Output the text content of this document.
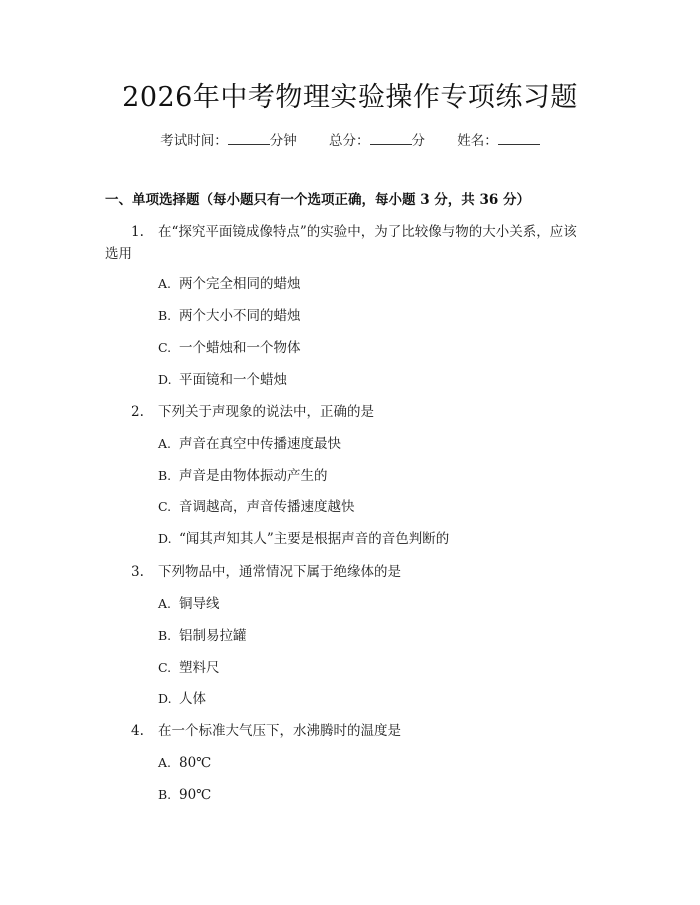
2026年中考物理实验操作专项练习题
考试时间：	分钟 总分：	分 姓名：
一、单项选择题（每小题只有一个选项正确，每小题 3 分，共 36 分）
1. 在“探究平面镜成像特点”的实验中，为了比较像与物的大小关系，应该
选用
A. 两个完全相同的蜡烛
B. 两个大小不同的蜡烛
C. 一个蜡烛和一个物体
D. 平面镜和一个蜡烛
2. 下列关于声现象的说法中，正确的是
A. 声音在真空中传播速度最快
B. 声音是由物体振动产生的
C. 音调越高，声音传播速度越快
D. “闻其声知其人”主要是根据声音的音色判断的
3. 下列物品中，通常情况下属于绝缘体的是
A. 铜导线
B. 铝制易拉罐
C. 塑料尺
D. 人体
4. 在一个标准大气压下，水沸腾时的温度是
A. 80℃
B. 90℃
